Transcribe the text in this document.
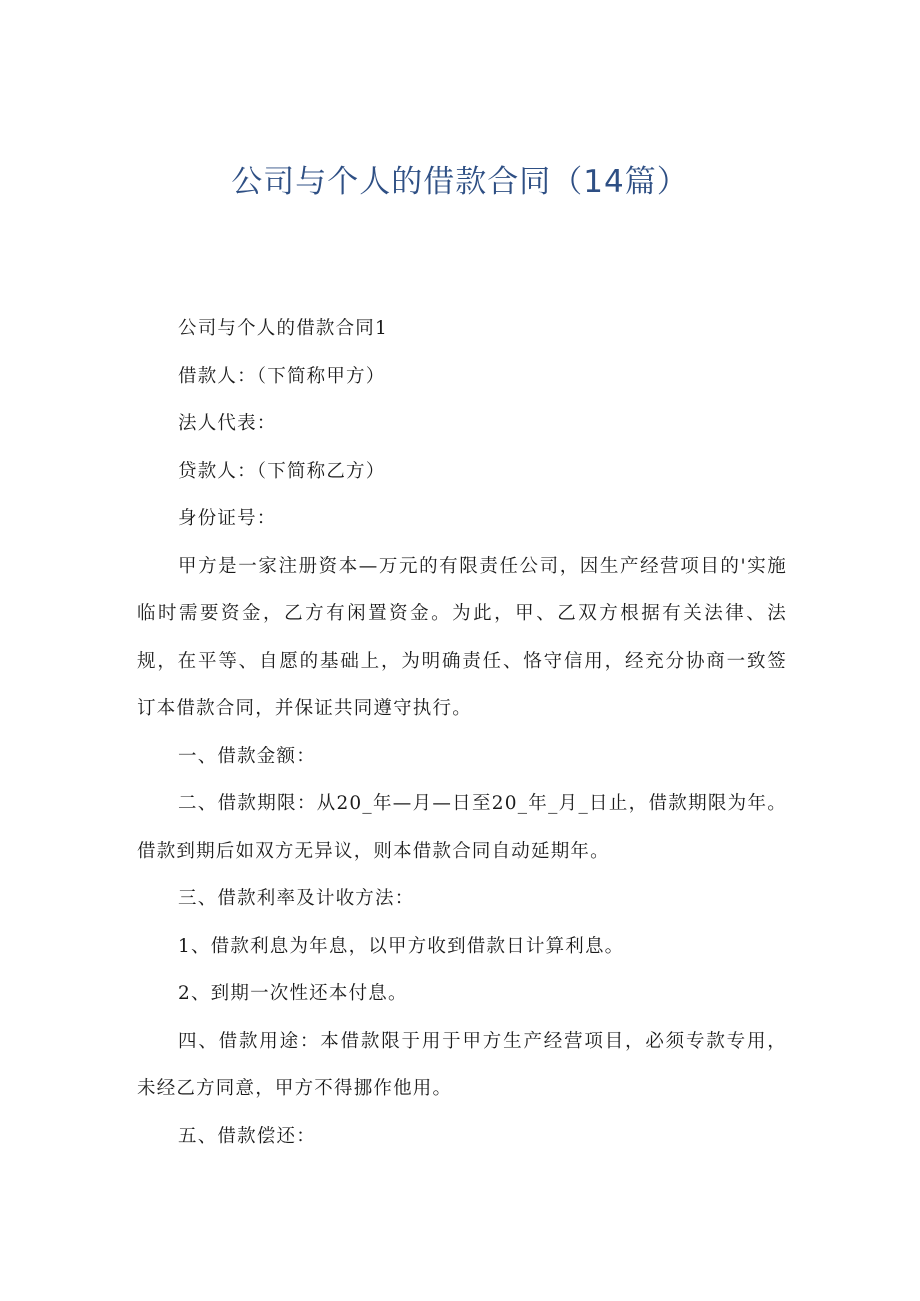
公司与个人的借款合同（14篇）

公司与个人的借款合同1

借款人：（下简称甲方）

法人代表：

贷款人：（下简称乙方）

身份证号：

甲方是一家注册资本—万元的有限责任公司，因生产经营项目的'实施临时需要资金，乙方有闲置资金。为此，甲、乙双方根据有关法律、法规，在平等、自愿的基础上，为明确责任、恪守信用，经充分协商一致签订本借款合同，并保证共同遵守执行。

一、借款金额：

二、借款期限：从20_年—月—日至20_年_月_日止，借款期限为年。借款到期后如双方无异议，则本借款合同自动延期年。

三、借款利率及计收方法：

1、借款利息为年息，以甲方收到借款日计算利息。

2、到期一次性还本付息。

四、借款用途：本借款限于用于甲方生产经营项目，必须专款专用，未经乙方同意，甲方不得挪作他用。

五、借款偿还：
